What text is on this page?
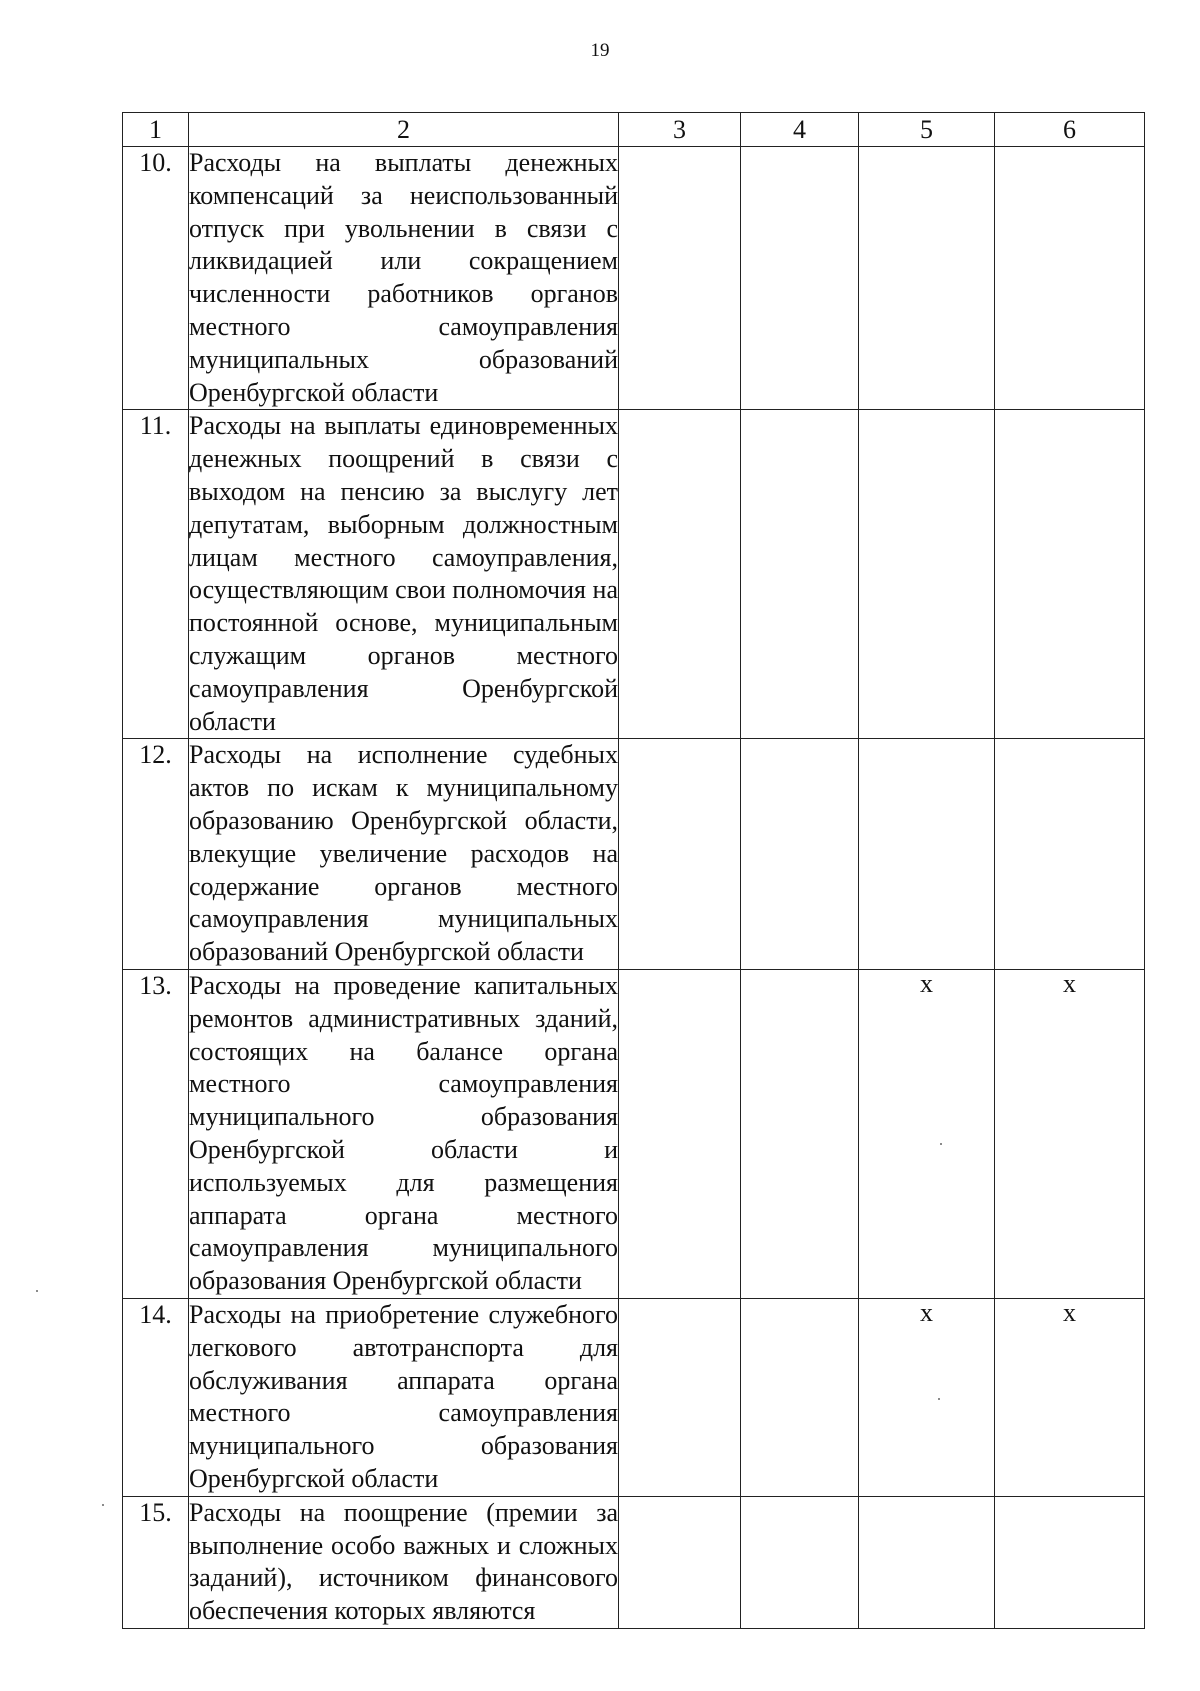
19
1	2	3	4	5	6
10.	Расходы на выплаты денежных компенсаций за неиспользованный отпуск при увольнении в связи с ликвидацией или сокращением численности работников органов местного самоуправления муниципальных образований Оренбургской области				
11.	Расходы на выплаты единовременных денежных поощрений в связи с выходом на пенсию за выслугу лет депутатам, выборным должностным лицам местного самоуправления, осуществляющим свои полномочия на постоянной основе, муниципальным служащим органов местного самоуправления Оренбургской области				
12.	Расходы на исполнение судебных актов по искам к муниципальному образованию Оренбургской области, влекущие увеличение расходов на содержание органов местного самоуправления муниципальных образований Оренбургской области				
13.	Расходы на проведение капитальных ремонтов административных зданий, состоящих на балансе органа местного самоуправления муниципального образования Оренбургской области и используемых для размещения аппарата органа местного самоуправления муниципального образования Оренбургской области			х	х
14.	Расходы на приобретение служебного легкового автотранспорта для обслуживания аппарата органа местного самоуправления муниципального образования Оренбургской области			х	х
15.	Расходы на поощрение (премии за выполнение особо важных и сложных заданий), источником финансового обеспечения которых являются				
